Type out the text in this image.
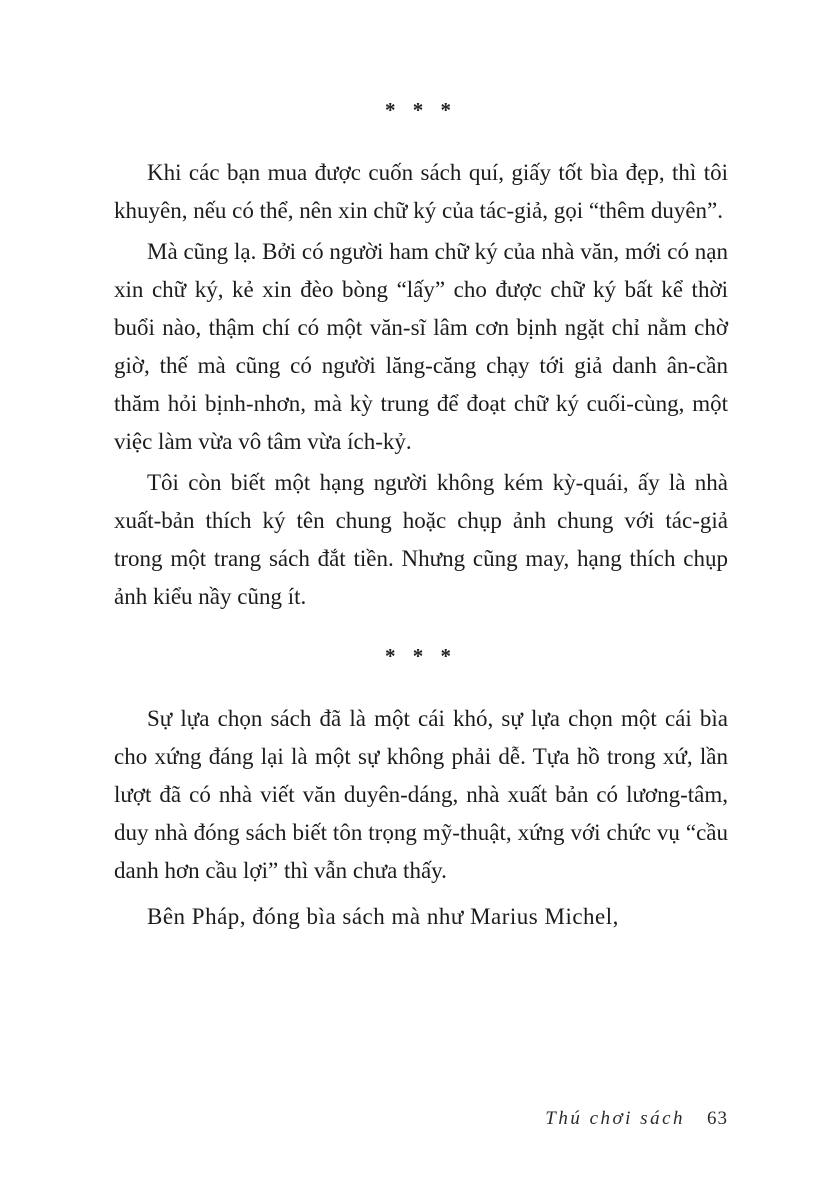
* * *

Khi các bạn mua được cuốn sách quí, giấy tốt bìa đẹp, thì tôi khuyên, nếu có thể, nên xin chữ ký của tác-giả, gọi “thêm duyên”.

Mà cũng lạ. Bởi có người ham chữ ký của nhà văn, mới có nạn xin chữ ký, kẻ xin đèo bòng “lấy” cho được chữ ký bất kể thời buổi nào, thậm chí có một văn-sĩ lâm cơn bịnh ngặt chỉ nằm chờ giờ, thế mà cũng có người lăng-căng chạy tới giả danh ân-cần thăm hỏi bịnh-nhơn, mà kỳ trung để đoạt chữ ký cuối-cùng, một việc làm vừa vô tâm vừa ích-kỷ.

Tôi còn biết một hạng người không kém kỳ-quái, ấy là nhà xuất-bản thích ký tên chung hoặc chụp ảnh chung với tác-giả trong một trang sách đắt tiền. Nhưng cũng may, hạng thích chụp ảnh kiểu nầy cũng ít.

* * *

Sự lựa chọn sách đã là một cái khó, sự lựa chọn một cái bìa cho xứng đáng lại là một sự không phải dễ. Tựa hồ trong xứ, lần lượt đã có nhà viết văn duyên-dáng, nhà xuất bản có lương-tâm, duy nhà đóng sách biết tôn trọng mỹ-thuật, xứng với chức vụ “cầu danh hơn cầu lợi” thì vẫn chưa thấy.

Bên Pháp, đóng bìa sách mà như Marius Michel,

Thú chơi sách 63
